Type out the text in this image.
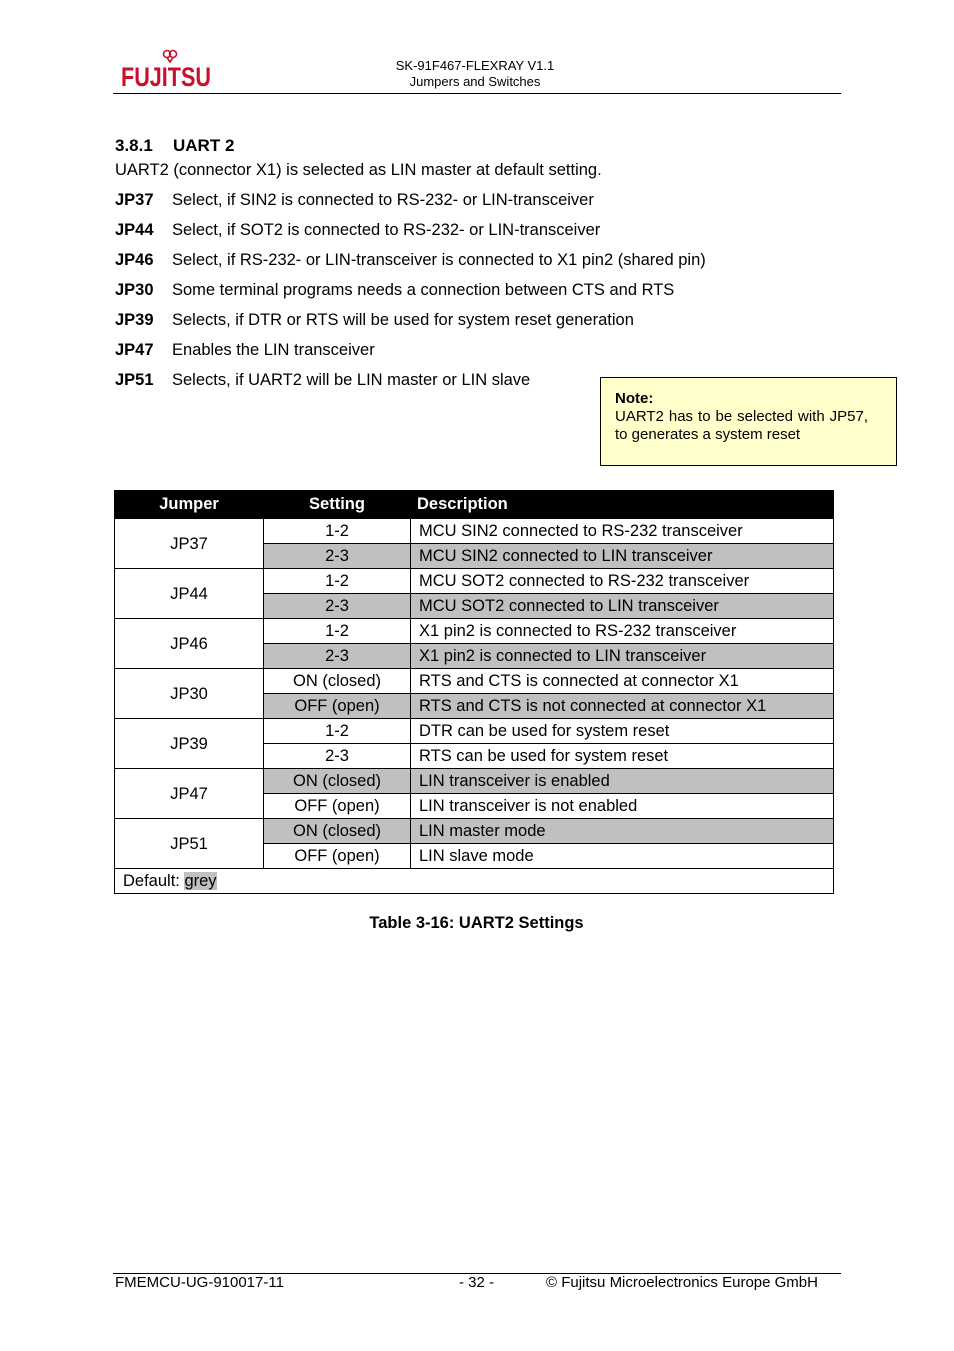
FUJITSU	SK-91F467-FLEXRAY V1.1
Jumpers and Switches
3.8.1 UART 2
UART2 (connector X1) is selected as LIN master at default setting.
JP37 Select, if SIN2 is connected to RS-232- or LIN-transceiver
JP44 Select, if SOT2 is connected to RS-232- or LIN-transceiver
JP46 Select, if RS-232- or LIN-transceiver is connected to X1 pin2 (shared pin)
JP30 Some terminal programs needs a connection between CTS and RTS
JP39 Selects, if DTR or RTS will be used for system reset generation
JP47 Enables the LIN transceiver
JP51 Selects, if UART2 will be LIN master or LIN slave
Note:
UART2 has to be selected with JP57, to generates a system reset
Jumper	Setting	Description
JP37	1-2	MCU SIN2 connected to RS-232 transceiver
	2-3	MCU SIN2 connected to LIN transceiver
JP44	1-2	MCU SOT2 connected to RS-232 transceiver
	2-3	MCU SOT2 connected to LIN transceiver
JP46	1-2	X1 pin2 is connected to RS-232 transceiver
	2-3	X1 pin2 is connected to LIN transceiver
JP30	ON (closed)	RTS and CTS is connected at connector X1
	OFF (open)	RTS and CTS is not connected at connector X1
JP39	1-2	DTR can be used for system reset
	2-3	RTS can be used for system reset
JP47	ON (closed)	LIN transceiver is enabled
	OFF (open)	LIN transceiver is not enabled
JP51	ON (closed)	LIN master mode
	OFF (open)	LIN slave mode
Default: grey		
Table 3-16: UART2 Settings
FMEMCU-UG-910017-11	- 32 -	© Fujitsu Microelectronics Europe GmbH
